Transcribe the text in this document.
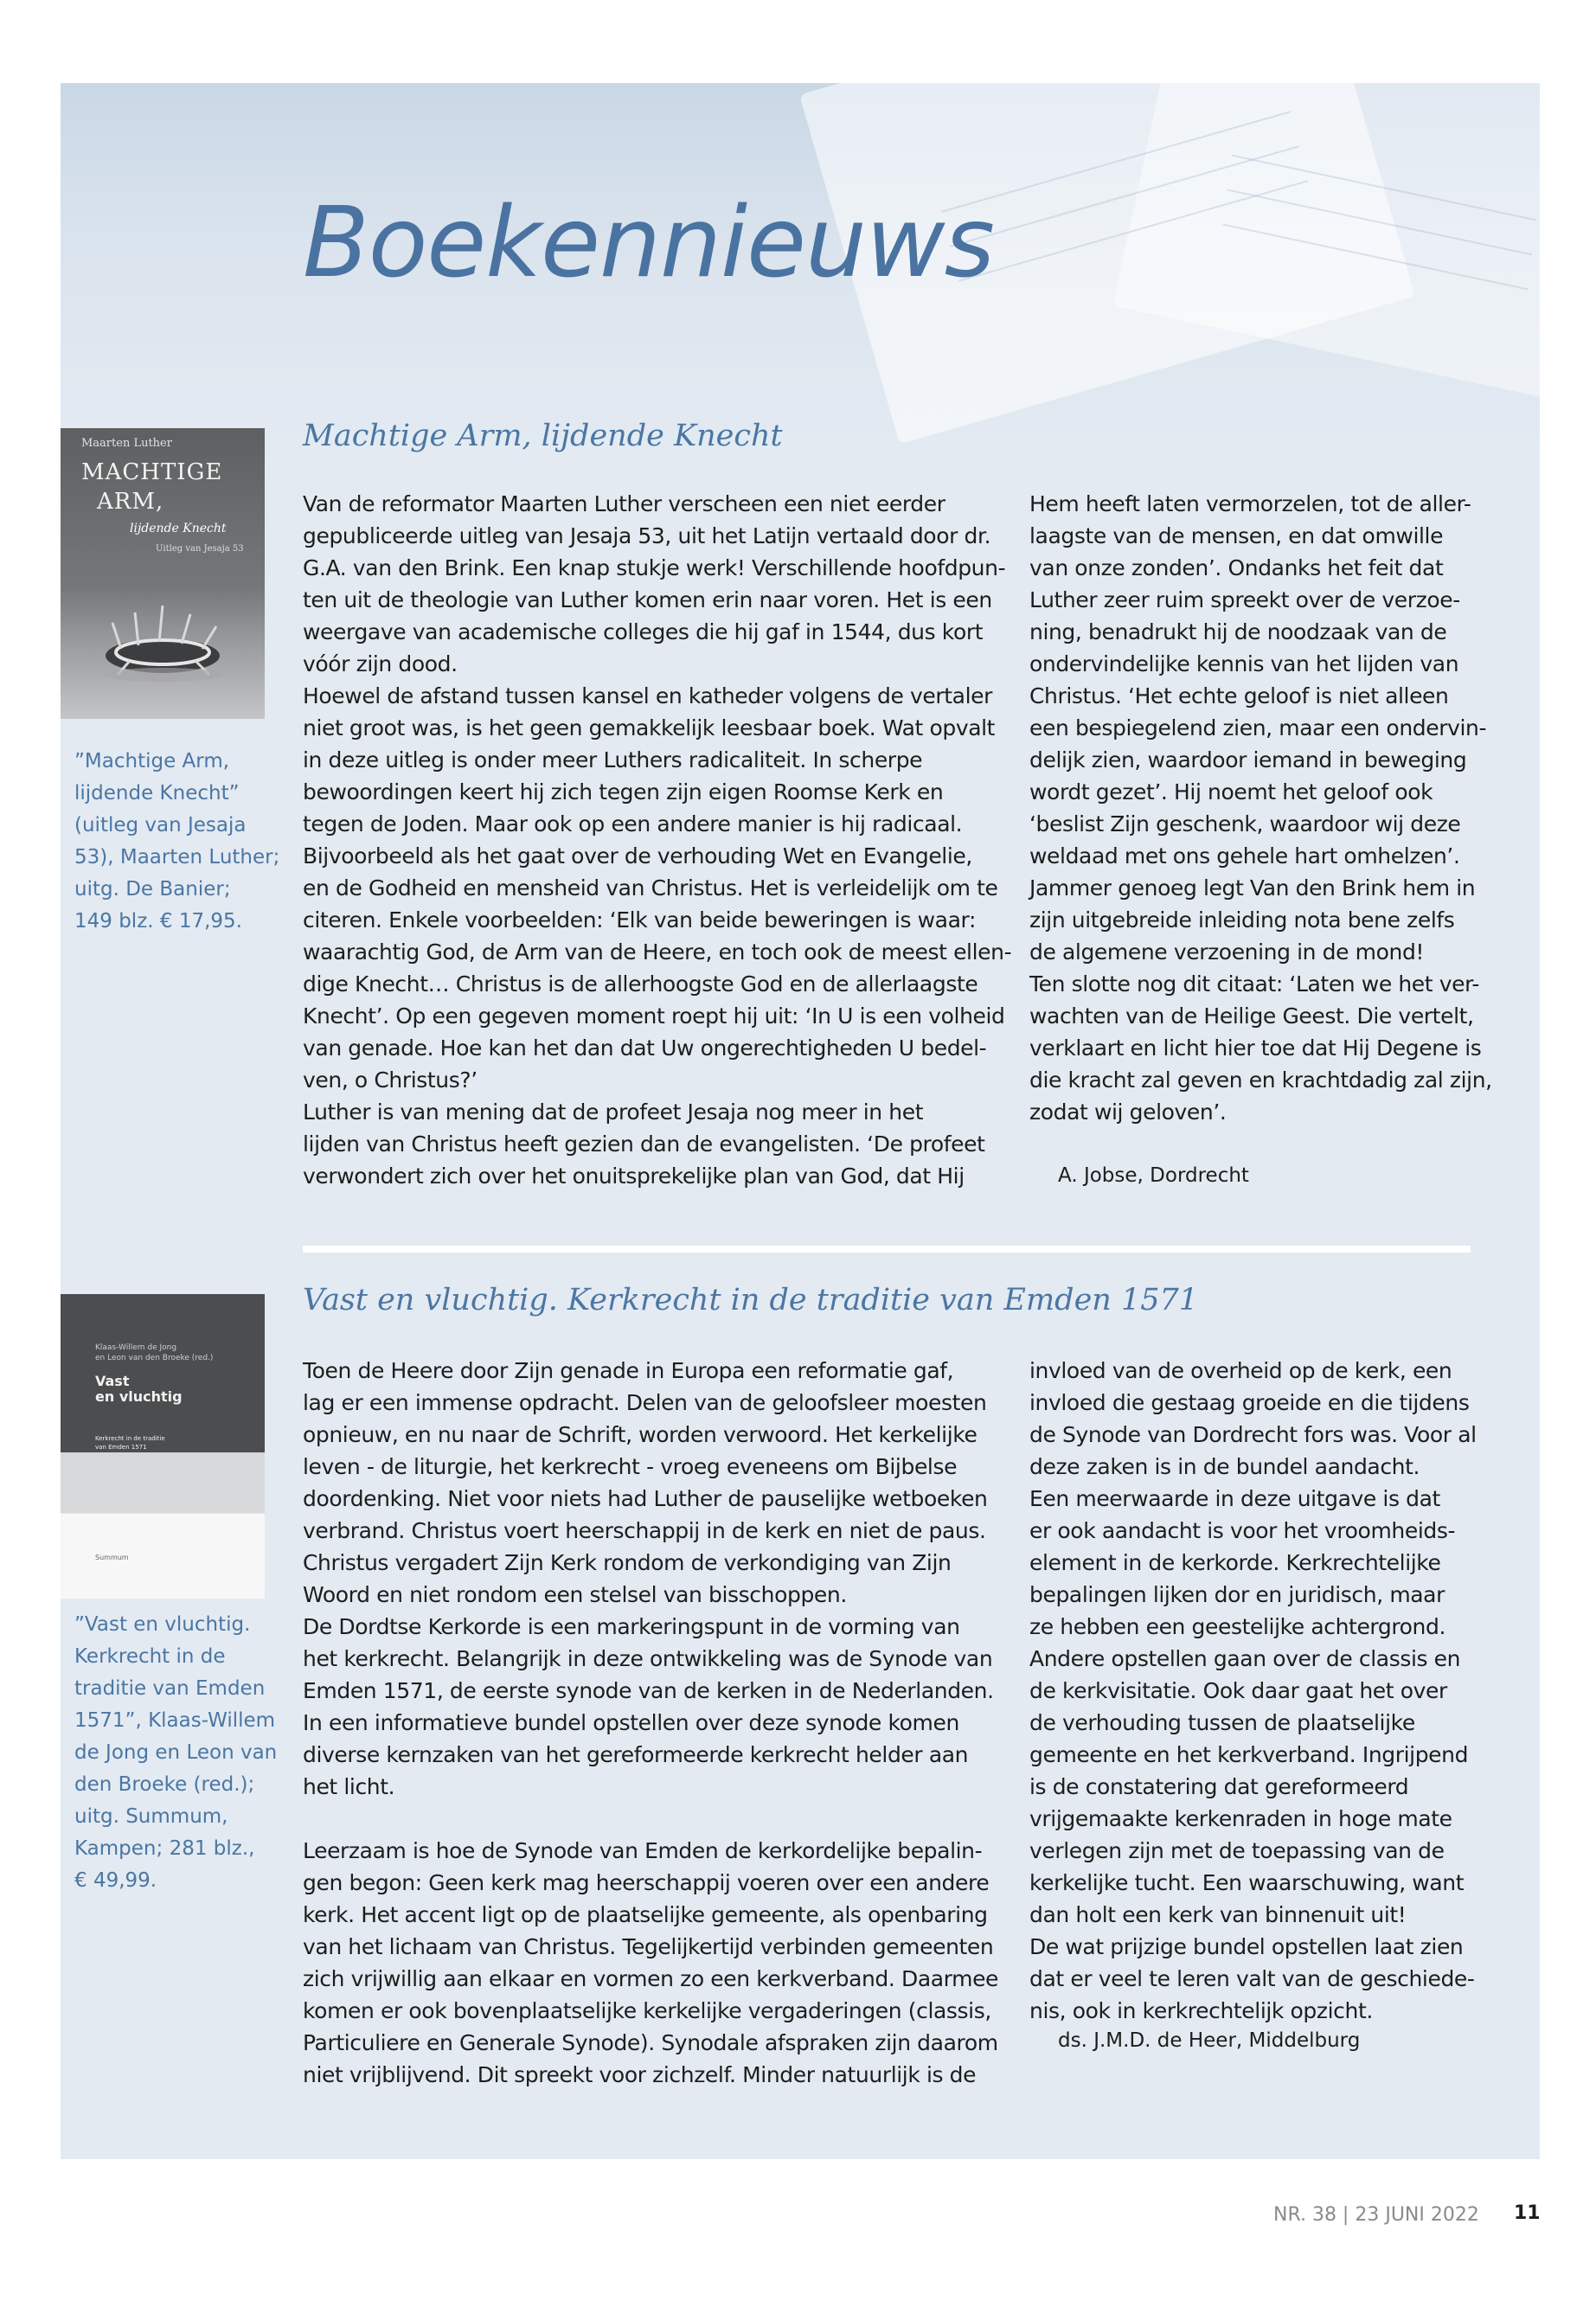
Boekennieuws
Maarten Luther
MACHTIGE
ARM,
lijdende Knecht
Uitleg van Jesaja 53

”Machtige Arm,
lijdende Knecht”
(uitleg van Jesaja
53), Maarten Luther;
uitg. De Banier;
149 blz. € 17,95.

Machtige Arm, lijdende Knecht

Van de reformator Maarten Luther verscheen een niet eerder
gepubliceerde uitleg van Jesaja 53, uit het Latijn vertaald door dr.
G.A. van den Brink. Een knap stukje werk! Verschillende hoofdpun-
ten uit de theologie van Luther komen erin naar voren. Het is een
weergave van academische colleges die hij gaf in 1544, dus kort
vóór zijn dood.
Hoewel de afstand tussen kansel en katheder volgens de vertaler
niet groot was, is het geen gemakkelijk leesbaar boek. Wat opvalt
in deze uitleg is onder meer Luthers radicaliteit. In scherpe
bewoordingen keert hij zich tegen zijn eigen Roomse Kerk en
tegen de Joden. Maar ook op een andere manier is hij radicaal.
Bijvoorbeeld als het gaat over de verhouding Wet en Evangelie,
en de Godheid en mensheid van Christus. Het is verleidelijk om te
citeren. Enkele voorbeelden: ‘Elk van beide beweringen is waar:
waarachtig God, de Arm van de Heere, en toch ook de meest ellen-
dige Knecht… Christus is de allerhoogste God en de allerlaagste
Knecht’. Op een gegeven moment roept hij uit: ‘In U is een volheid
van genade. Hoe kan het dan dat Uw ongerechtigheden U bedel-
ven, o Christus?’
Luther is van mening dat de profeet Jesaja nog meer in het
lijden van Christus heeft gezien dan de evangelisten. ‘De profeet
verwondert zich over het onuitsprekelijke plan van God, dat Hij

Hem heeft laten vermorzelen, tot de aller-
laagste van de mensen, en dat omwille
van onze zonden’. Ondanks het feit dat
Luther zeer ruim spreekt over de verzoe-
ning, benadrukt hij de noodzaak van de
ondervindelijke kennis van het lijden van
Christus. ‘Het echte geloof is niet alleen
een bespiegelend zien, maar een ondervin-
delijk zien, waardoor iemand in beweging
wordt gezet’. Hij noemt het geloof ook
‘beslist Zijn geschenk, waardoor wij deze
weldaad met ons gehele hart omhelzen’.
Jammer genoeg legt Van den Brink hem in
zijn uitgebreide inleiding nota bene zelfs
de algemene verzoening in de mond!
Ten slotte nog dit citaat: ‘Laten we het ver-
wachten van de Heilige Geest. Die vertelt,
verklaart en licht hier toe dat Hij Degene is
die kracht zal geven en krachtdadig zal zijn,
zodat wij geloven’.

A. Jobse, Dordrecht

Klaas-Willem de Jong
en Leon van den Broeke (red.)
Vast
en vluchtig
Kerkrecht in de traditie
van Emden 1571
Summum

”Vast en vluchtig.
Kerkrecht in de
traditie van Emden
1571”, Klaas-Willem
de Jong en Leon van
den Broeke (red.);
uitg. Summum,
Kampen; 281 blz.,
€ 49,99.

Vast en vluchtig. Kerkrecht in de traditie van Emden 1571

Toen de Heere door Zijn genade in Europa een reformatie gaf,
lag er een immense opdracht. Delen van de geloofsleer moesten
opnieuw, en nu naar de Schrift, worden verwoord. Het kerkelijke
leven - de liturgie, het kerkrecht - vroeg eveneens om Bijbelse
doordenking. Niet voor niets had Luther de pauselijke wetboeken
verbrand. Christus voert heerschappij in de kerk en niet de paus.
Christus vergadert Zijn Kerk rondom de verkondiging van Zijn
Woord en niet rondom een stelsel van bisschoppen.
De Dordtse Kerkorde is een markeringspunt in de vorming van
het kerkrecht. Belangrijk in deze ontwikkeling was de Synode van
Emden 1571, de eerste synode van de kerken in de Nederlanden.
In een informatieve bundel opstellen over deze synode komen
diverse kernzaken van het gereformeerde kerkrecht helder aan
het licht.

Leerzaam is hoe de Synode van Emden de kerkordelijke bepalin-
gen begon: Geen kerk mag heerschappij voeren over een andere
kerk. Het accent ligt op de plaatselijke gemeente, als openbaring
van het lichaam van Christus. Tegelijkertijd verbinden gemeenten
zich vrijwillig aan elkaar en vormen zo een kerkverband. Daarmee
komen er ook bovenplaatselijke kerkelijke vergaderingen (classis,
Particuliere en Generale Synode). Synodale afspraken zijn daarom
niet vrijblijvend. Dit spreekt voor zichzelf. Minder natuurlijk is de

invloed van de overheid op de kerk, een
invloed die gestaag groeide en die tijdens
de Synode van Dordrecht fors was. Voor al
deze zaken is in de bundel aandacht.
Een meerwaarde in deze uitgave is dat
er ook aandacht is voor het vroomheids-
element in de kerkorde. Kerkrechtelijke
bepalingen lijken dor en juridisch, maar
ze hebben een geestelijke achtergrond.
Andere opstellen gaan over de classis en
de kerkvisitatie. Ook daar gaat het over
de verhouding tussen de plaatselijke
gemeente en het kerkverband. Ingrijpend
is de constatering dat gereformeerd
vrijgemaakte kerkenraden in hoge mate
verlegen zijn met de toepassing van de
kerkelijke tucht. Een waarschuwing, want
dan holt een kerk van binnenuit uit!
De wat prijzige bundel opstellen laat zien
dat er veel te leren valt van de geschiede-
nis, ook in kerkrechtelijk opzicht.

ds. J.M.D. de Heer, Middelburg

NR. 38 | 23 JUNI 2022 11
